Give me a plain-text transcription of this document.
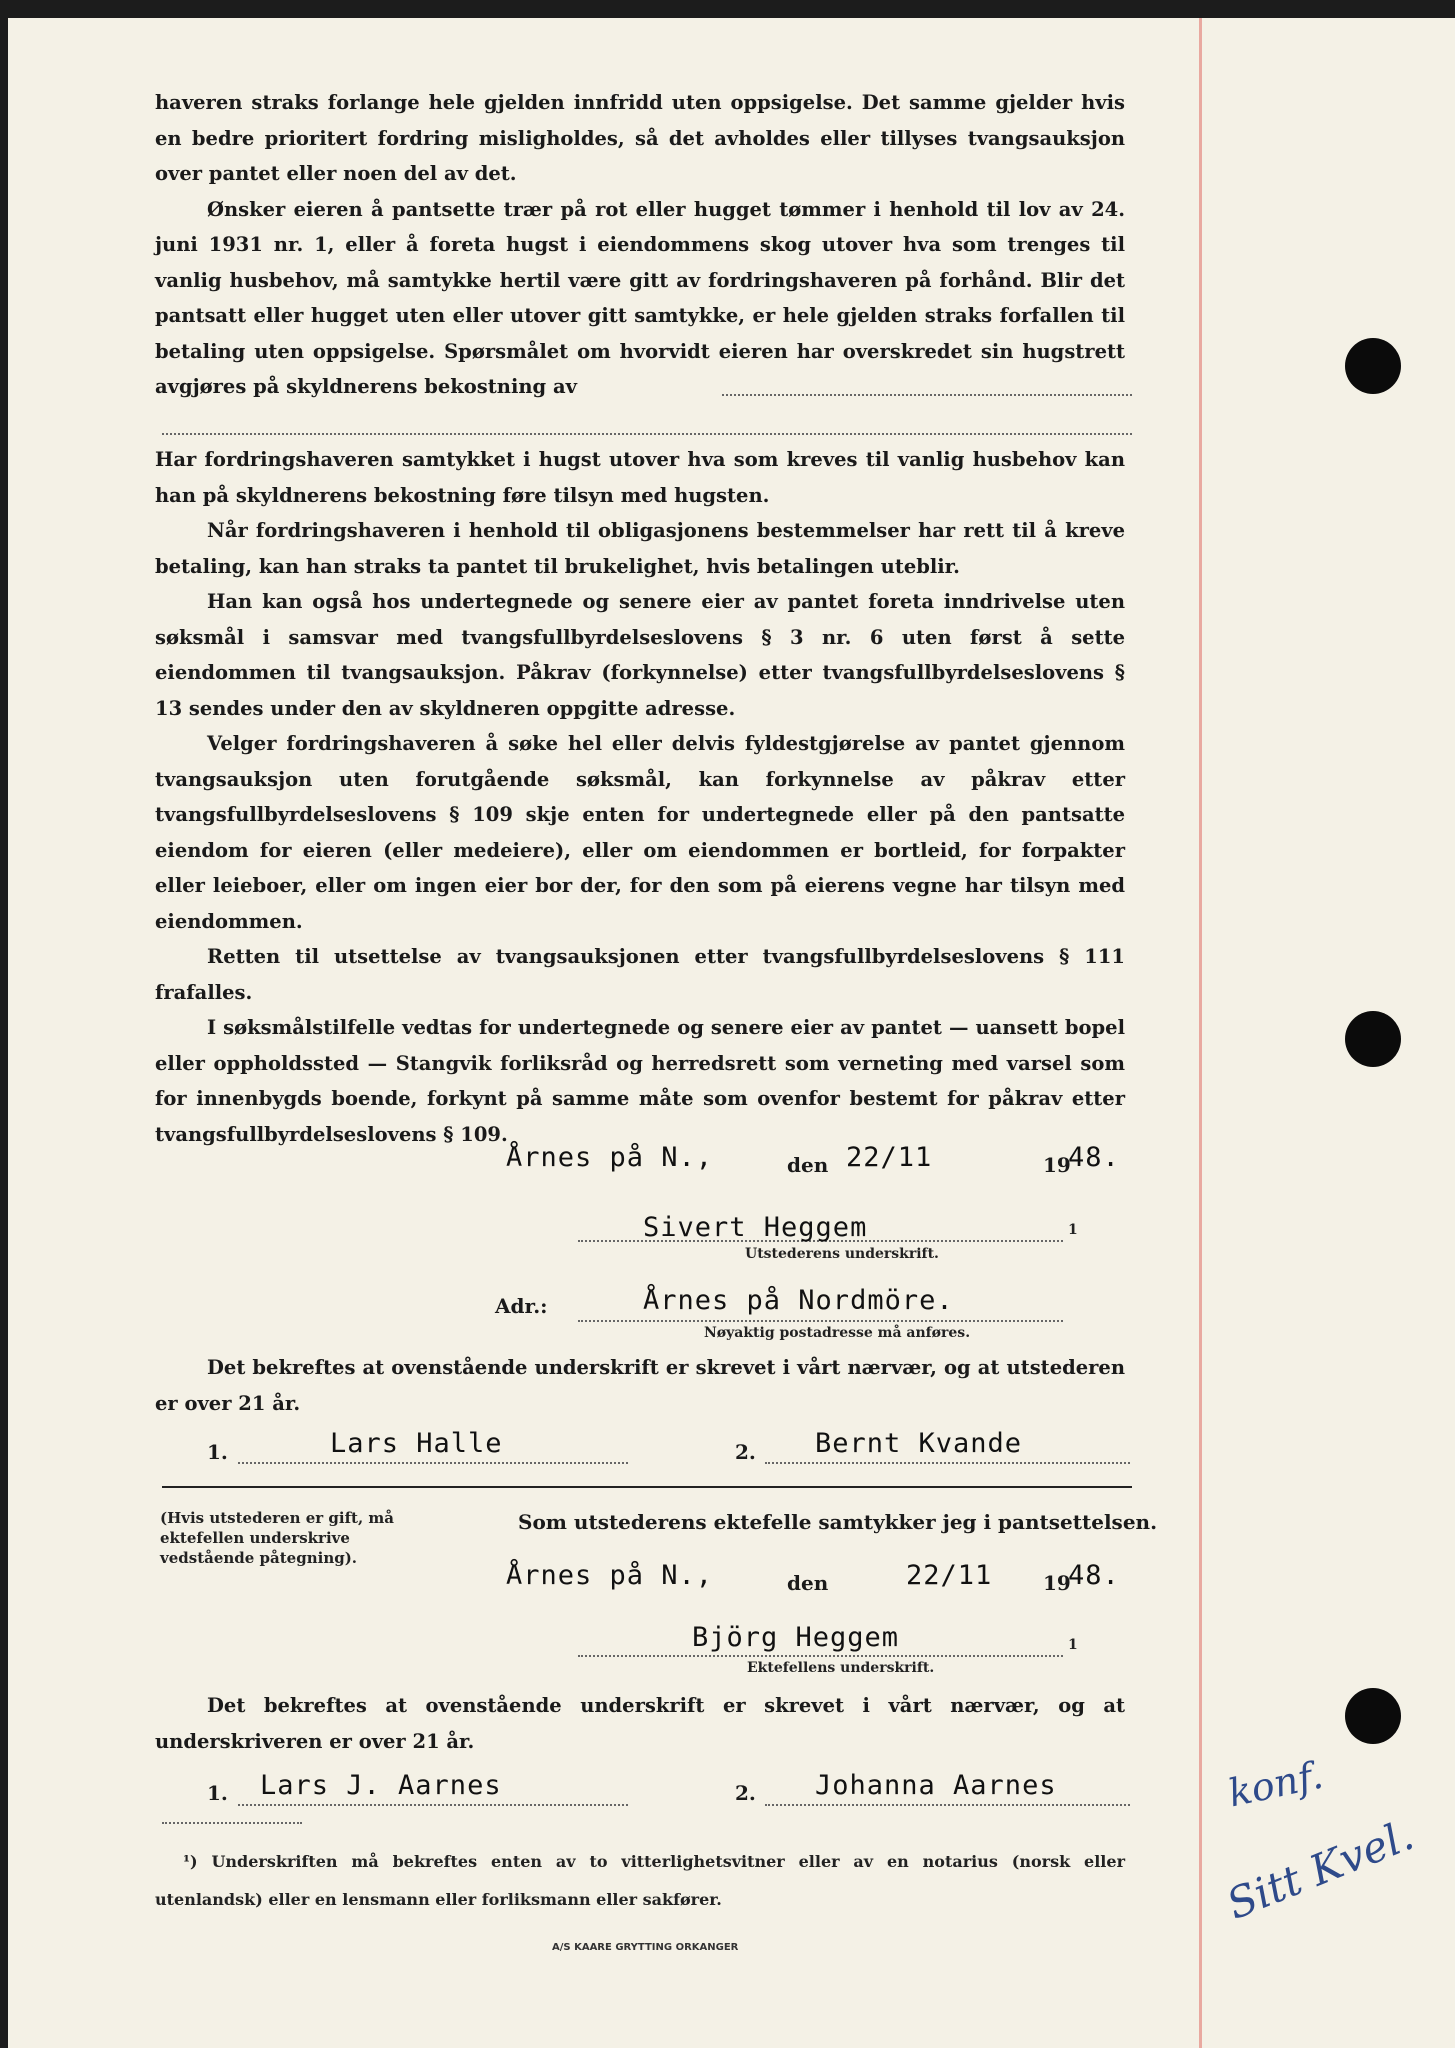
haveren straks forlange hele gjelden innfridd uten oppsigelse. Det samme gjelder hvis en bedre prioritert fordring misligholdes, så det avholdes eller tillyses tvangsauksjon over pantet eller noen del av det.

Ønsker eieren å pantsette trær på rot eller hugget tømmer i henhold til lov av 24. juni 1931 nr. 1, eller å foreta hugst i eiendommens skog utover hva som trenges til vanlig husbehov, må samtykke hertil være gitt av fordringshaveren på forhånd. Blir det pantsatt eller hugget uten eller utover gitt samtykke, er hele gjelden straks forfallen til betaling uten oppsigelse. Spørsmålet om hvorvidt eieren har overskredet sin hugstrett avgjøres på skyldnerens bekostning av

Har fordringshaveren samtykket i hugst utover hva som kreves til vanlig husbehov kan han på skyldnerens bekostning føre tilsyn med hugsten.

Når fordringshaveren i henhold til obligasjonens bestemmelser har rett til å kreve betaling, kan han straks ta pantet til brukelighet, hvis betalingen uteblir.

Han kan også hos undertegnede og senere eier av pantet foreta inndrivelse uten søksmål i samsvar med tvangsfullbyrdelseslovens § 3 nr. 6 uten først å sette eiendommen til tvangsauksjon. Påkrav (forkynnelse) etter tvangsfullbyrdelseslovens § 13 sendes under den av skyldneren oppgitte adresse.

Velger fordringshaveren å søke hel eller delvis fyldestgjørelse av pantet gjennom tvangsauksjon uten forutgående søksmål, kan forkynnelse av påkrav etter tvangsfullbyrdelseslovens § 109 skje enten for undertegnede eller på den pantsatte eiendom for eieren (eller medeiere), eller om eiendommen er bortleid, for forpakter eller leieboer, eller om ingen eier bor der, for den som på eierens vegne har tilsyn med eiendommen.

Retten til utsettelse av tvangsauksjonen etter tvangsfullbyrdelseslovens § 111 frafalles.

I søksmålstilfelle vedtas for undertegnede og senere eier av pantet — uansett bopel eller oppholdssted — Stangvik forliksråd og herredsrett som verneting med varsel som for innenbygds boende, forkynt på samme måte som ovenfor bestemt for påkrav etter tvangsfullbyrdelseslovens § 109.

Årnes på N.,	den 22/11	19
48.
Sivert Heggem	1
Utstederens underskrift.
Adr.:	Årnes på Nordmöre.
Nøyaktig postadresse må anføres.

Det bekreftes at ovenstående underskrift er skrevet i vårt nærvær, og at utstederen er over 21 år.

1.	Lars Halle	2. Bernt Kvande
(Hvis utstederen er gift, må ektefellen underskrive vedstående påtegning).
Som utstederens ektefelle samtykker jeg i pantsettelsen.
Årnes på N.,	den	22/11	19
48.
Björg Heggem	1
Ektefellens underskrift.

Det bekreftes at ovenstående underskrift er skrevet i vårt nærvær, og at underskriveren er over 21 år.

1. Lars J. Aarnes	2. Johanna Aarnes
¹) Underskriften må bekreftes enten av to vitterlighetsvitner eller av en notarius (norsk eller utenlandsk) eller en lensmann eller forliksmann eller sakfører.
A/S KAARE GRYTTING ORKANGER
konf.
Sitt Kvel.
